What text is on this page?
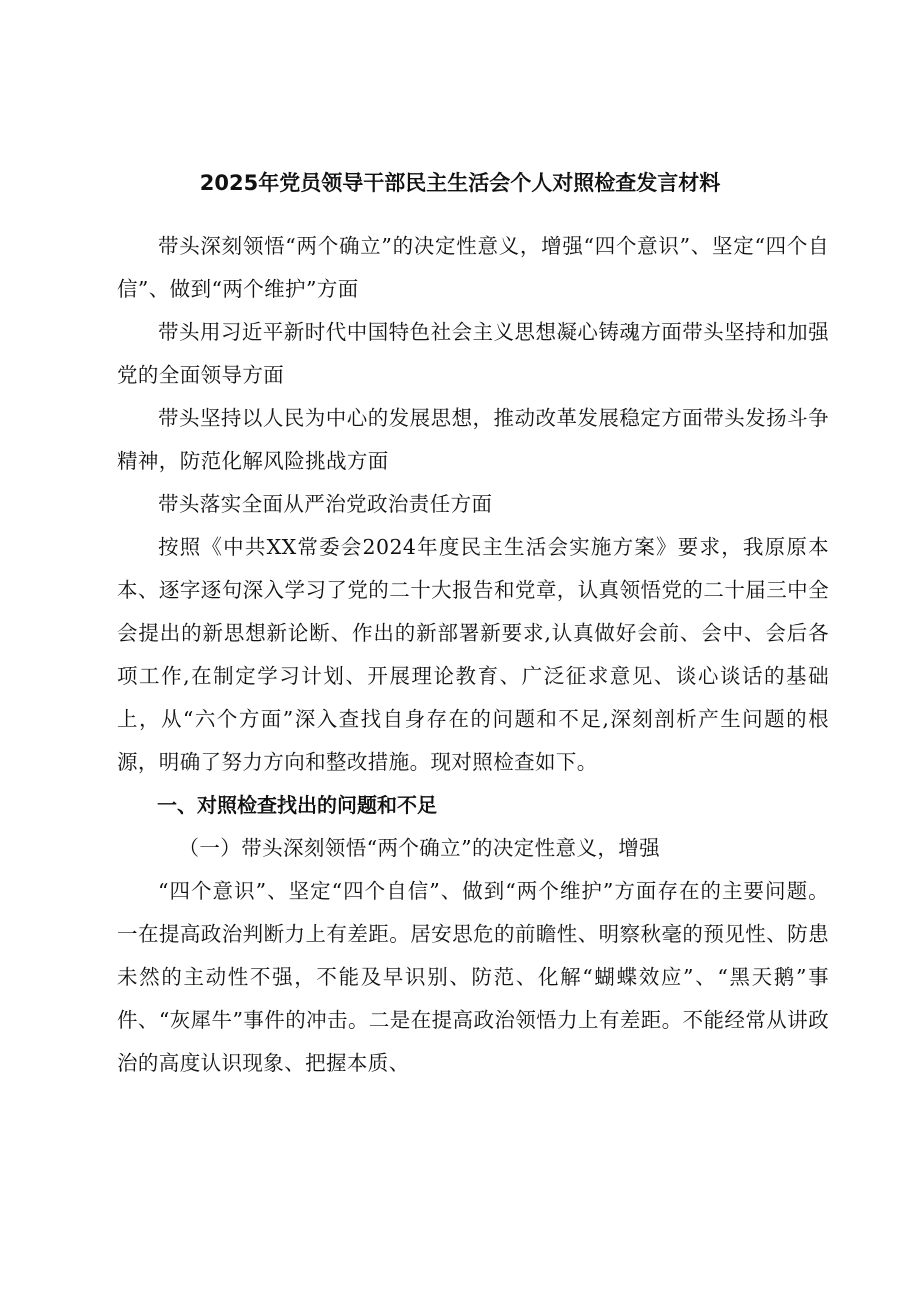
2025年党员领导干部民主生活会个人对照检查发言材料

带头深刻领悟“两个确立”的决定性意义，增强“四个意识”、坚定“四个自信”、做到“两个维护”方面

带头用习近平新时代中国特色社会主义思想凝心铸魂方面带头坚持和加强党的全面领导方面

带头坚持以人民为中心的发展思想，推动改革发展稳定方面带头发扬斗争精神，防范化解风险挑战方面

带头落实全面从严治党政治责任方面

按照《中共XX常委会2024年度民主生活会实施方案》要求，我原原本本、逐字逐句深入学习了党的二十大报告和党章，认真领悟党的二十届三中全会提出的新思想新论断、作出的新部署新要求,认真做好会前、会中、会后各项工作,在制定学习计划、开展理论教育、广泛征求意见、谈心谈话的基础上，从“六个方面”深入查找自身存在的问题和不足,深刻剖析产生问题的根源，明确了努力方向和整改措施。现对照检查如下。

一、对照检查找出的问题和不足

（一）带头深刻领悟“两个确立”的决定性意义，增强

“四个意识”、坚定“四个自信”、做到“两个维护”方面存在的主要问题。一在提高政治判断力上有差距。居安思危的前瞻性、明察秋毫的预见性、防患未然的主动性不强，不能及早识别、防范、化解“蝴蝶效应”、“黑天鹅”事件、“灰犀牛”事件的冲击。二是在提高政治领悟力上有差距。不能经常从讲政治的高度认识现象、把握本质、
